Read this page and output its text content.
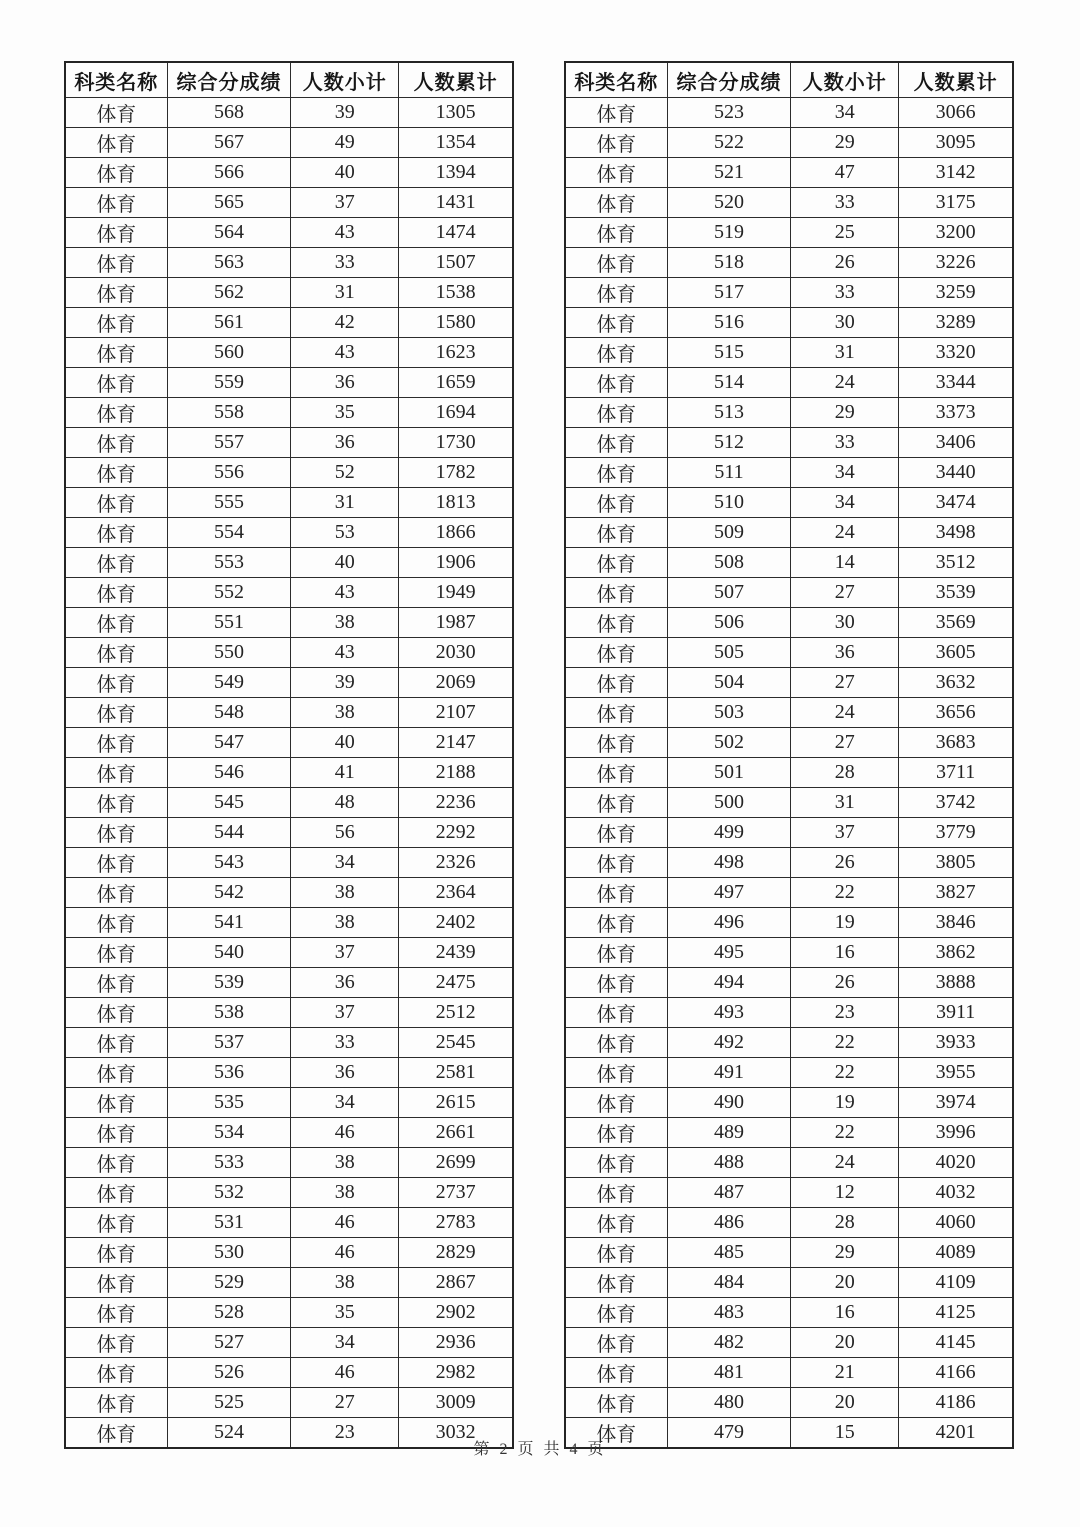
科类名称	综合分成绩	人数小计	人数累计
体育	568	39	1305
体育	567	49	1354
体育	566	40	1394
体育	565	37	1431
体育	564	43	1474
体育	563	33	1507
体育	562	31	1538
体育	561	42	1580
体育	560	43	1623
体育	559	36	1659
体育	558	35	1694
体育	557	36	1730
体育	556	52	1782
体育	555	31	1813
体育	554	53	1866
体育	553	40	1906
体育	552	43	1949
体育	551	38	1987
体育	550	43	2030
体育	549	39	2069
体育	548	38	2107
体育	547	40	2147
体育	546	41	2188
体育	545	48	2236
体育	544	56	2292
体育	543	34	2326
体育	542	38	2364
体育	541	38	2402
体育	540	37	2439
体育	539	36	2475
体育	538	37	2512
体育	537	33	2545
体育	536	36	2581
体育	535	34	2615
体育	534	46	2661
体育	533	38	2699
体育	532	38	2737
体育	531	46	2783
体育	530	46	2829
体育	529	38	2867
体育	528	35	2902
体育	527	34	2936
体育	526	46	2982
体育	525	27	3009
体育	524	23	3032
科类名称	综合分成绩	人数小计	人数累计
体育	523	34	3066
体育	522	29	3095
体育	521	47	3142
体育	520	33	3175
体育	519	25	3200
体育	518	26	3226
体育	517	33	3259
体育	516	30	3289
体育	515	31	3320
体育	514	24	3344
体育	513	29	3373
体育	512	33	3406
体育	511	34	3440
体育	510	34	3474
体育	509	24	3498
体育	508	14	3512
体育	507	27	3539
体育	506	30	3569
体育	505	36	3605
体育	504	27	3632
体育	503	24	3656
体育	502	27	3683
体育	501	28	3711
体育	500	31	3742
体育	499	37	3779
体育	498	26	3805
体育	497	22	3827
体育	496	19	3846
体育	495	16	3862
体育	494	26	3888
体育	493	23	3911
体育	492	22	3933
体育	491	22	3955
体育	490	19	3974
体育	489	22	3996
体育	488	24	4020
体育	487	12	4032
体育	486	28	4060
体育	485	29	4089
体育	484	20	4109
体育	483	16	4125
体育	482	20	4145
体育	481	21	4166
体育	480	20	4186
体育	479	15	4201
第 2 页 共 4 页
